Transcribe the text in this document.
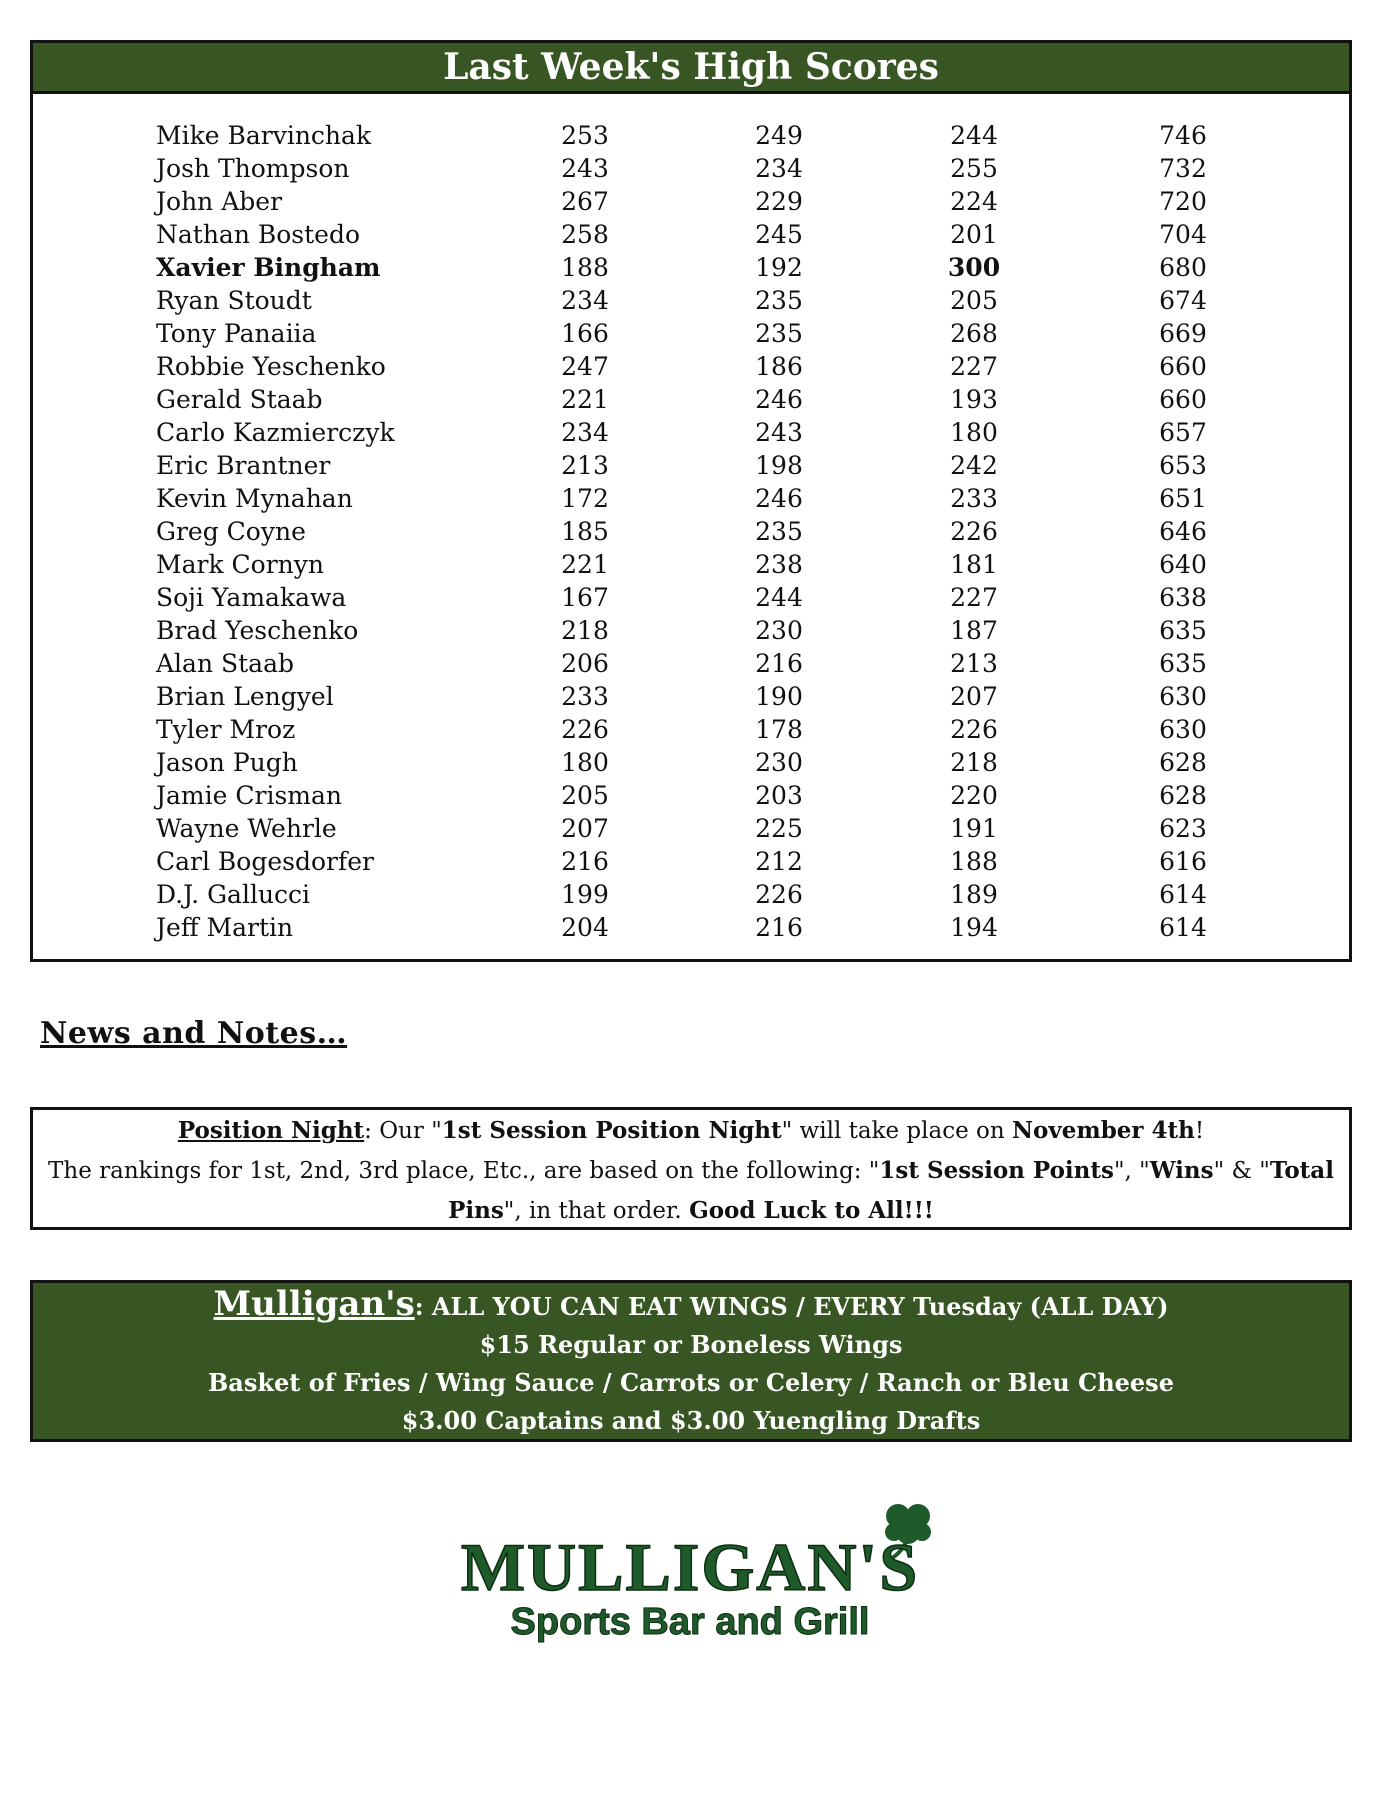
Last Week's High Scores
Mike Barvinchak	253	249	244	746
Josh Thompson	243	234	255	732
John Aber	267	229	224	720
Nathan Bostedo	258	245	201	704
Xavier Bingham	188	192	300	680
Ryan Stoudt	234	235	205	674
Tony Panaiia	166	235	268	669
Robbie Yeschenko	247	186	227	660
Gerald Staab	221	246	193	660
Carlo Kazmierczyk	234	243	180	657
Eric Brantner	213	198	242	653
Kevin Mynahan	172	246	233	651
Greg Coyne	185	235	226	646
Mark Cornyn	221	238	181	640
Soji Yamakawa	167	244	227	638
Brad Yeschenko	218	230	187	635
Alan Staab	206	216	213	635
Brian Lengyel	233	190	207	630
Tyler Mroz	226	178	226	630
Jason Pugh	180	230	218	628
Jamie Crisman	205	203	220	628
Wayne Wehrle	207	225	191	623
Carl Bogesdorfer	216	212	188	616
D.J. Gallucci	199	226	189	614
Jeff Martin	204	216	194	614
News and Notes…
Position Night: Our "1st Session Position Night" will take place on November 4th!
The rankings for 1st, 2nd, 3rd place, Etc., are based on the following: "1st Session Points", "Wins" & "Total Pins", in that order. Good Luck to All!!!
Mulligan's: ALL YOU CAN EAT WINGS / EVERY Tuesday (ALL DAY)
$15 Regular or Boneless Wings
Basket of Fries / Wing Sauce / Carrots or Celery / Ranch or Bleu Cheese
$3.00 Captains and $3.00 Yuengling Drafts
MULLIGAN'S
Sports Bar and Grill
